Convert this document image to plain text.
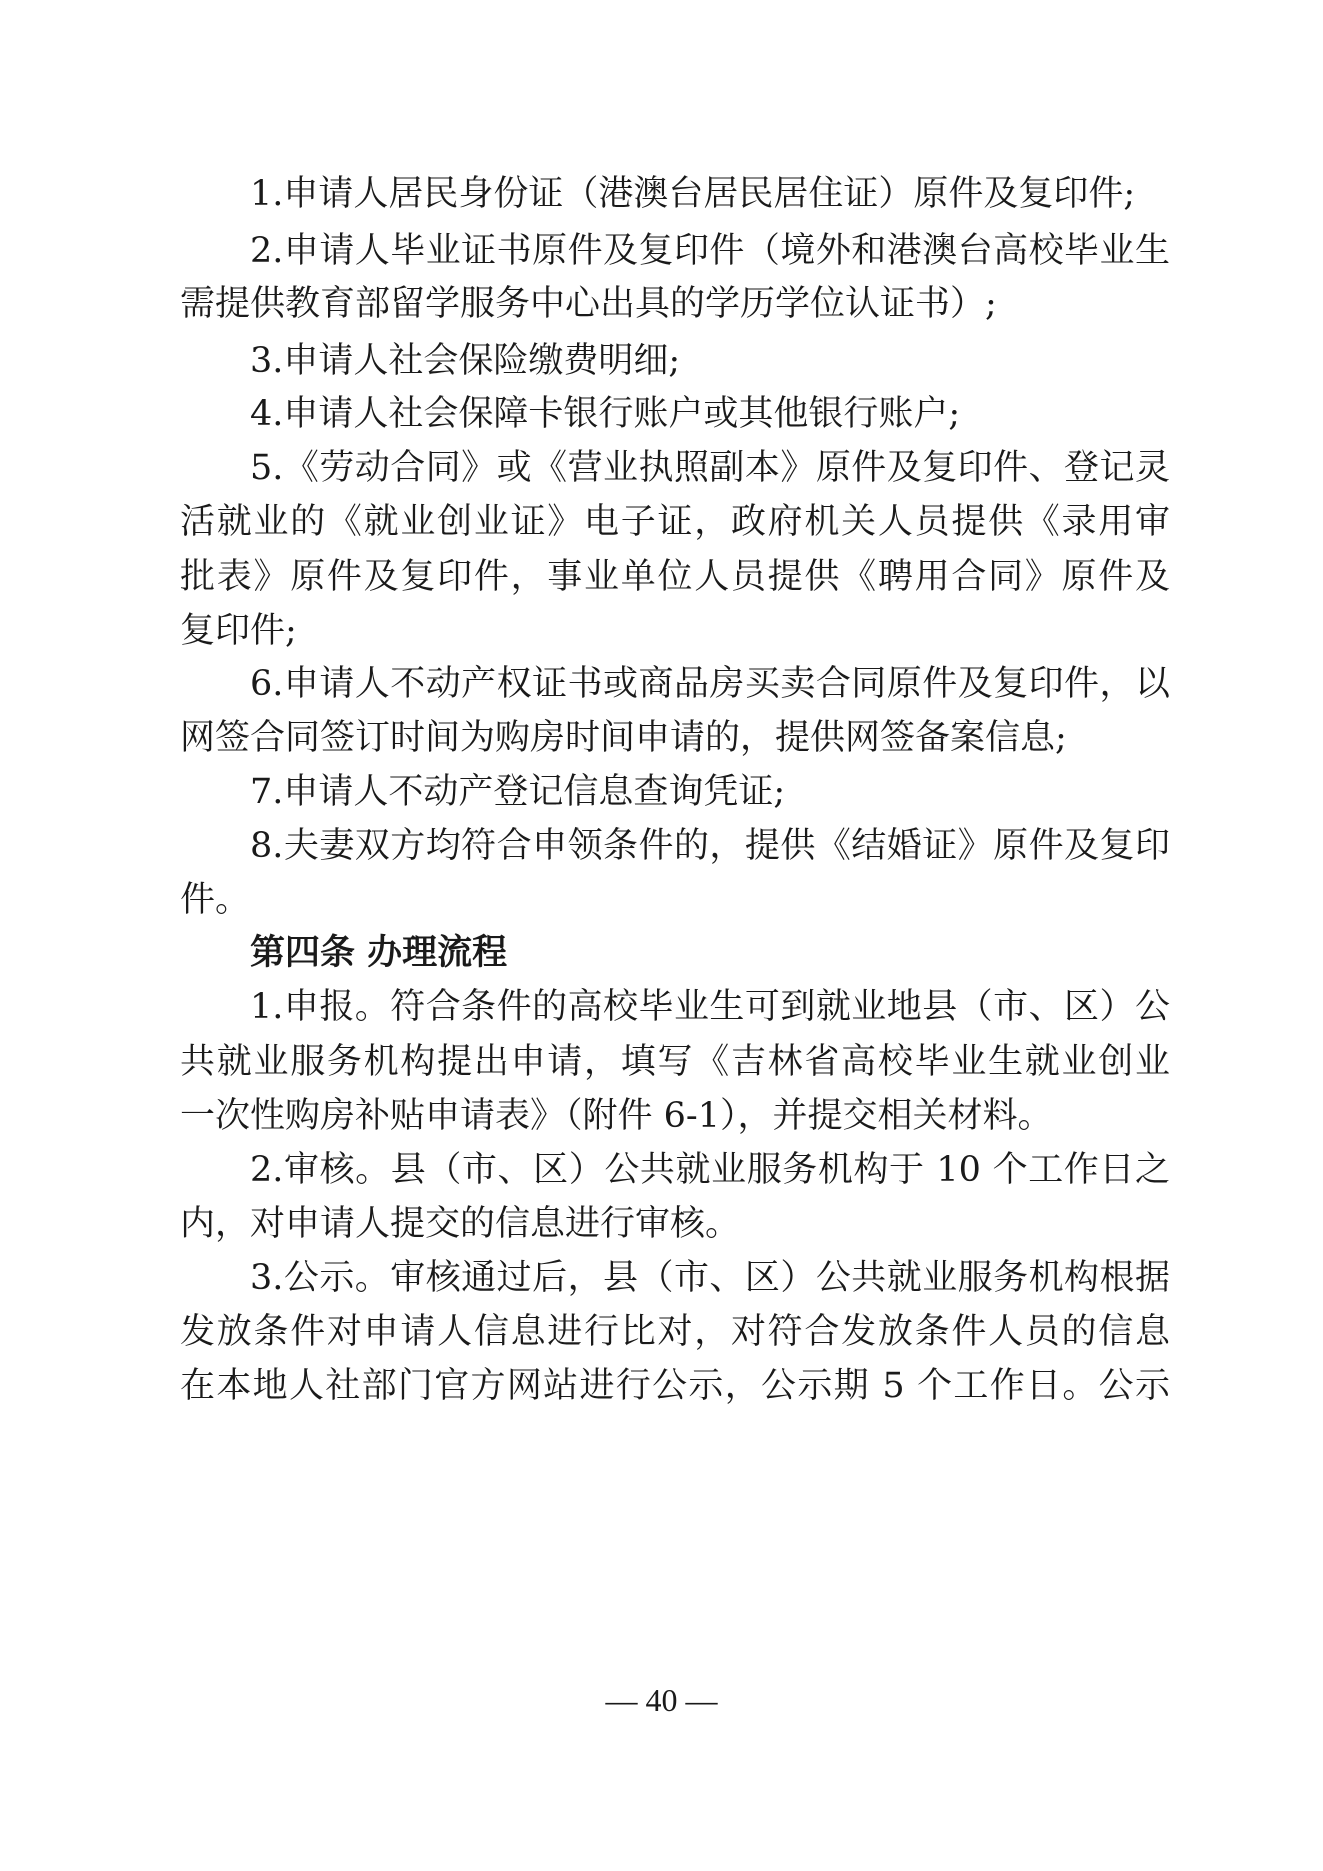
1.申请人居民身份证（港澳台居民居住证）原件及复印件;
2.申请人毕业证书原件及复印件（境外和港澳台高校毕业生
需提供教育部留学服务中心出具的学历学位认证书）;
3.申请人社会保险缴费明细;
4.申请人社会保障卡银行账户或其他银行账户;
5.《劳动合同》或《营业执照副本》原件及复印件、登记灵
活就业的《就业创业证》电子证，政府机关人员提供《录用审
批表》原件及复印件，事业单位人员提供《聘用合同》原件及
复印件;
6.申请人不动产权证书或商品房买卖合同原件及复印件，以
网签合同签订时间为购房时间申请的，提供网签备案信息;
7.申请人不动产登记信息查询凭证;
8.夫妻双方均符合申领条件的，提供《结婚证》原件及复印
件。
第四条 办理流程
1.申报。符合条件的高校毕业生可到就业地县（市、区）公
共就业服务机构提出申请，填写《吉林省高校毕业生就业创业
一次性购房补贴申请表》（附件 6-1），并提交相关材料。
2.审核。县（市、区）公共就业服务机构于 10 个工作日之
内，对申请人提交的信息进行审核。
3.公示。审核通过后，县（市、区）公共就业服务机构根据
发放条件对申请人信息进行比对，对符合发放条件人员的信息
在本地人社部门官方网站进行公示，公示期 5 个工作日。公示
— 40 —
